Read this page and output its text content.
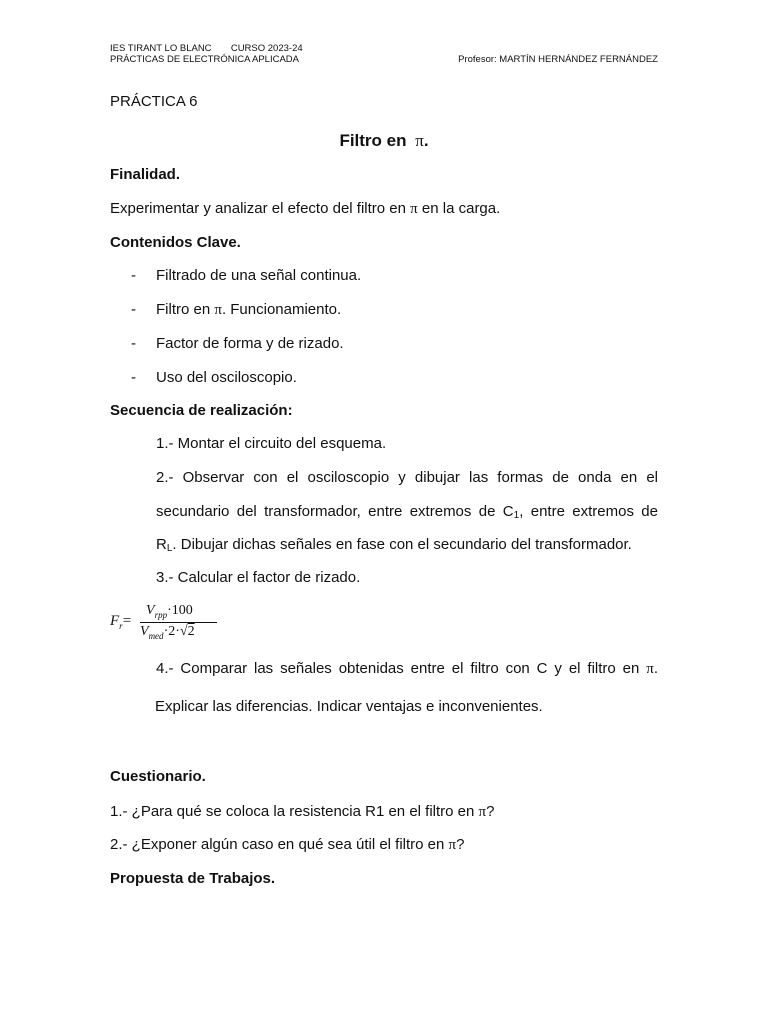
IES TIRANT LO BLANC CURSO 2023-24
PRÁCTICAS DE ELECTRÓNICA APLICADA	Profesor: MARTÍN HERNÁNDEZ FERNÁNDEZ
PRÁCTICA 6
Filtro en π.
Finalidad.
Experimentar y analizar el efecto del filtro en π en la carga.
Contenidos Clave.
- Filtrado de una señal continua.
- Filtro en π. Funcionamiento.
- Factor de forma y de rizado.
- Uso del osciloscopio.
Secuencia de realización:
1.- Montar el circuito del esquema.
2.- Observar con el osciloscopio y dibujar las formas de onda en el
secundario del transformador, entre extremos de $C_1$, entre extremos de
$R_L$. Dibujar dichas señales en fase con el secundario del transformador.
3.- Calcular el factor de rizado.
$F_r=$
$V_{rpp}\cdot 100$
$V_{med}\cdot 2\cdot√2$
4.- Comparar las señales obtenidas entre el filtro con C y el filtro en π.
Explicar las diferencias. Indicar ventajas e inconvenientes.
Cuestionario.
1.- ¿Para qué se coloca la resistencia R1 en el filtro en π?
2.- ¿Exponer algún caso en qué sea útil el filtro en π?
Propuesta de Trabajos.
